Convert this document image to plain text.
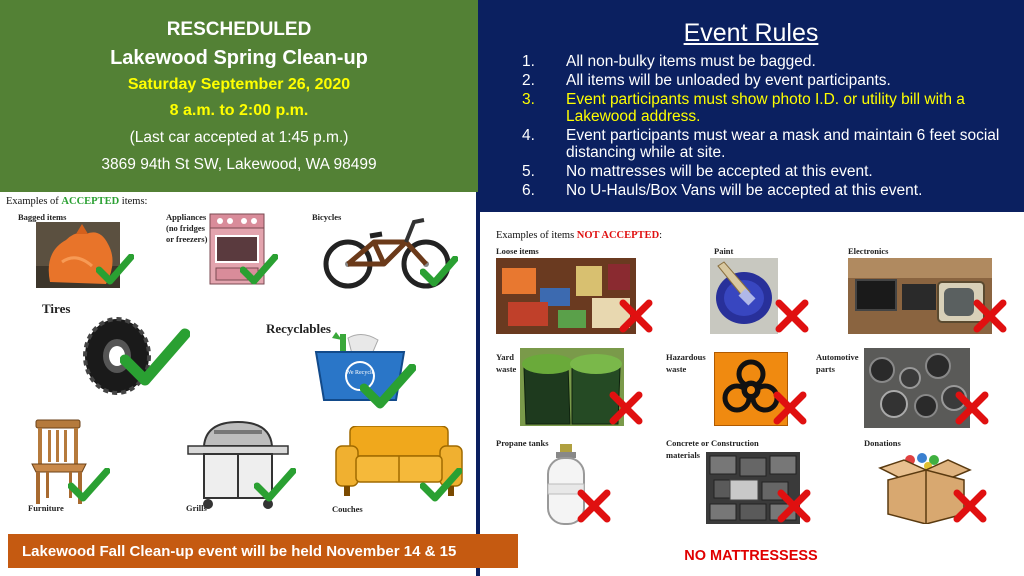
RESCHEDULED
Lakewood Spring Clean-up
Saturday September 26, 2020
8 a.m. to 2:00 p.m.
(Last car accepted at 1:45 p.m.)
3869 94th St SW, Lakewood, WA 98499
Event Rules
1.	All non-bulky items must be bagged.
2.	All items will be unloaded by event participants.
3.	Event participants must show photo I.D. or utility bill with a Lakewood address.
4.	Event participants must wear a mask and maintain 6 feet social distancing while at site.
5.	No mattresses will be accepted at this event.
6.	No U-Hauls/Box Vans will be accepted at this event.
Examples of ACCEPTED items:
Bagged items	Appliances
(no fridges
or freezers)
Bicycles
Tires
Recyclables
We Recycle
Furniture	Grills	Couches
Lakewood Fall Clean-up event will be held November 14 & 15
Examples of items NOT ACCEPTED:
Loose items	Paint	Electronics
Yard
waste
Hazardous
waste
Automotive
parts
Propane tanks	Concrete or Construction
materials
Donations
NO MATTRESSESS
